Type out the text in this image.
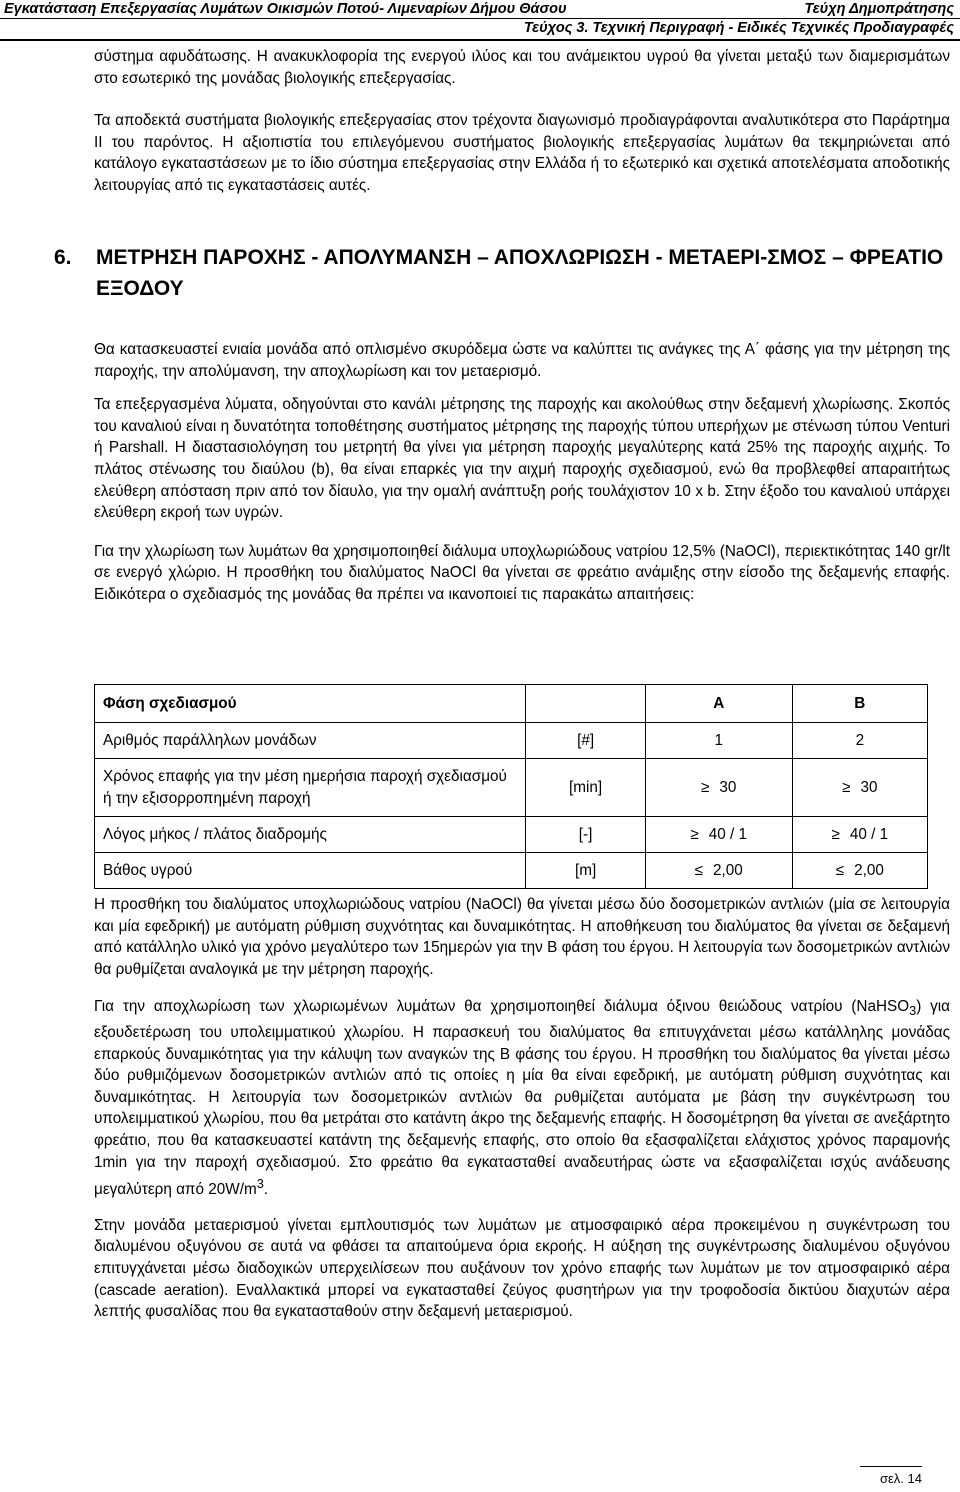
Εγκατάσταση Επεξεργασίας Λυμάτων Οικισμών Ποτού- Λιμεναρίων Δήμου Θάσου	Τεύχη Δημοπράτησης
Τεύχος 3. Τεχνική Περιγραφή - Ειδικές Τεχνικές Προδιαγραφές

σύστημα αφυδάτωσης. Η ανακυκλοφορία της ενεργού ιλύος και του ανάμεικτου υγρού θα γίνεται μεταξύ των διαμερισμάτων στο εσωτερικό της μονάδας βιολογικής επεξεργασίας.

Τα αποδεκτά συστήματα βιολογικής επεξεργασίας στον τρέχοντα διαγωνισμό προδιαγράφονται αναλυτικότερα στο Παράρτημα ΙΙ του παρόντος. Η αξιοπιστία του επιλεγόμενου συστήματος βιολογικής επεξεργασίας λυμάτων θα τεκμηριώνεται από κατάλογο εγκαταστάσεων με το ίδιο σύστημα επεξεργασίας στην Ελλάδα ή το εξωτερικό και σχετικά αποτελέσματα αποδοτικής λειτουργίας από τις εγκαταστάσεις αυτές.

6. ΜΕΤΡΗΣΗ ΠΑΡΟΧΗΣ - ΑΠΟΛΥΜΑΝΣΗ – ΑΠΟΧΛΩΡΙΩΣΗ - ΜΕΤΑΕΡΙ-ΣΜΟΣ – ΦΡΕΑΤΙΟ ΕΞΟΔΟΥ

Θα κατασκευαστεί ενιαία μονάδα από οπλισμένο σκυρόδεμα ώστε να καλύπτει τις ανάγκες της Α΄ φάσης για την μέτρηση της παροχής, την απολύμανση, την αποχλωρίωση και τον μεταερισμό.

Τα επεξεργασμένα λύματα, οδηγούνται στο κανάλι μέτρησης της παροχής και ακολούθως στην δεξαμενή χλωρίωσης. Σκοπός του καναλιού είναι η δυνατότητα τοποθέτησης συστήματος μέτρησης της παροχής τύπου υπερήχων με στένωση τύπου Venturi ή Parshall. Η διαστασιολόγηση του μετρητή θα γίνει για μέτρηση παροχής μεγαλύτερης κατά 25% της παροχής αιχμής. Το πλάτος στένωσης του διαύλου (b), θα είναι επαρκές για την αιχμή παροχής σχεδιασμού, ενώ θα προβλεφθεί απαραιτήτως ελεύθερη απόσταση πριν από τον δίαυλο, για την ομαλή ανάπτυξη ροής τουλάχιστον 10 x b. Στην έξοδο του καναλιού υπάρχει ελεύθερη εκροή των υγρών.

Για την χλωρίωση των λυμάτων θα χρησιμοποιηθεί διάλυμα υποχλωριώδους νατρίου 12,5% (NaOCl), περιεκτικότητας 140 gr/lt σε ενεργό χλώριο. Η προσθήκη του διαλύματος NaOCl θα γίνεται σε φρεάτιο ανάμιξης στην είσοδο της δεξαμενής επαφής. Ειδικότερα ο σχεδιασμός της μονάδας θα πρέπει να ικανοποιεί τις παρακάτω απαιτήσεις:

Φάση σχεδιασμού		Α	Β
Αριθμός παράλληλων μονάδων	[#]	1	2
Χρόνος επαφής για την μέση ημερήσια παροχή σχεδιασμού ή την εξισορροπημένη παροχή	[min]	≥ 30	≥ 30
Λόγος μήκος / πλάτος διαδρομής	[-]	≥ 40 / 1	≥ 40 / 1
Βάθος υγρού	[m]	≤ 2,00	≤ 2,00

Η προσθήκη του διαλύματος υποχλωριώδους νατρίου (NaOCl) θα γίνεται μέσω δύο δοσομετρικών αντλιών (μία σε λειτουργία και μία εφεδρική) με αυτόματη ρύθμιση συχνότητας και δυναμικότητας. Η αποθήκευση του διαλύματος θα γίνεται σε δεξαμενή από κατάλληλο υλικό για χρόνο μεγαλύτερο των 15ημερών για την Β φάση του έργου. Η λειτουργία των δοσομετρικών αντλιών θα ρυθμίζεται αναλογικά με την μέτρηση παροχής.

Για την αποχλωρίωση των χλωριωμένων λυμάτων θα χρησιμοποιηθεί διάλυμα όξινου θειώδους νατρίου (NaHSO$_3$) για εξουδετέρωση του υπολειμματικού χλωρίου. Η παρασκευή του διαλύματος θα επιτυγχάνεται μέσω κατάλληλης μονάδας επαρκούς δυναμικότητας για την κάλυψη των αναγκών της Β φάσης του έργου. Η προσθήκη του διαλύματος θα γίνεται μέσω δύο ρυθμιζόμενων δοσομετρικών αντλιών από τις οποίες η μία θα είναι εφεδρική, με αυτόματη ρύθμιση συχνότητας και δυναμικότητας. Η λειτουργία των δοσομετρικών αντλιών θα ρυθμίζεται αυτόματα με βάση την συγκέντρωση του υπολειμματικού χλωρίου, που θα μετράται στο κατάντη άκρο της δεξαμενής επαφής. Η δοσομέτρηση θα γίνεται σε ανεξάρτητο φρεάτιο, που θα κατασκευαστεί κατάντη της δεξαμενής επαφής, στο οποίο θα εξασφαλίζεται ελάχιστος χρόνος παραμονής 1min για την παροχή σχεδιασμού. Στο φρεάτιο θα εγκατασταθεί αναδευτήρας ώστε να εξασφαλίζεται ισχύς ανάδευσης μεγαλύτερη από $20W/m^3$.

Στην μονάδα μεταερισμού γίνεται εμπλουτισμός των λυμάτων με ατμοσφαιρικό αέρα προκειμένου η συγκέντρωση του διαλυμένου οξυγόνου σε αυτά να φθάσει τα απαιτούμενα όρια εκροής. Η αύξηση της συγκέντρωσης διαλυμένου οξυγόνου επιτυγχάνεται μέσω διαδοχικών υπερχειλίσεων που αυξάνουν τον χρόνο επαφής των λυμάτων με τον ατμοσφαιρικό αέρα (cascade aeration). Εναλλακτικά μπορεί να εγκατασταθεί ζεύγος φυσητήρων για την τροφοδοσία δικτύου διαχυτών αέρα λεπτής φυσαλίδας που θα εγκατασταθούν στην δεξαμενή μεταερισμού.

σελ. 14
